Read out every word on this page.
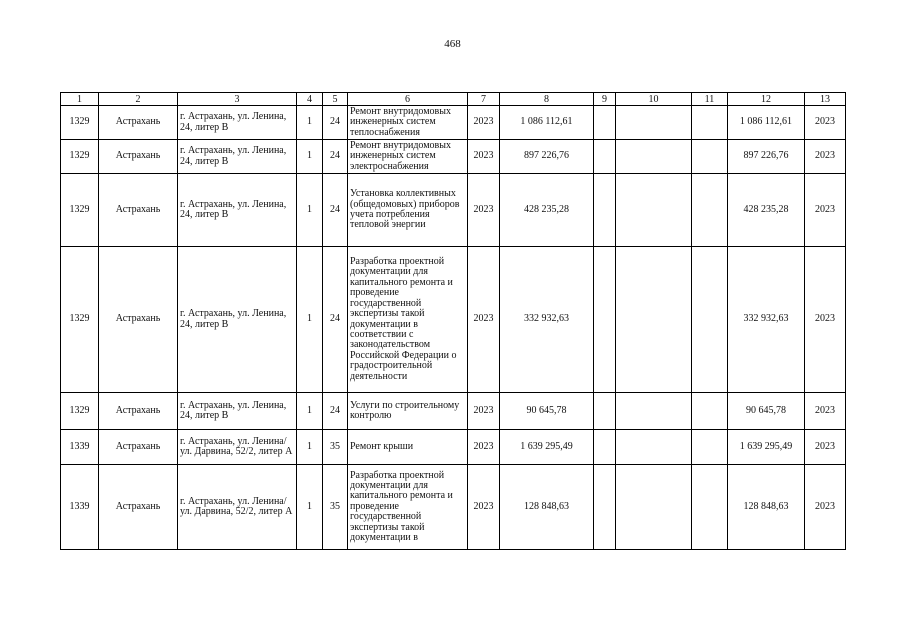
468
1	2	3	4	5	6	7	8	9	10	11	12	13
1329	Астрахань	г. Астрахань, ул. Ленина, 24, литер В	1	24	Ремонт внутридомовых инженерных систем теплоснабжения	2023	1 086 112,61				1 086 112,61	2023
1329	Астрахань	г. Астрахань, ул. Ленина, 24, литер В	1	24	Ремонт внутридомовых инженерных систем электроснабжения	2023	897 226,76				897 226,76	2023
1329	Астрахань	г. Астрахань, ул. Ленина, 24, литер В	1	24	Установка коллективных (общедомовых) приборов учета потребления тепловой энергии	2023	428 235,28				428 235,28	2023
1329	Астрахань	г. Астрахань, ул. Ленина, 24, литер В	1	24	Разработка проектной документации для капитального ремонта и проведение государственной экспертизы такой документации в соответствии с законодательством Российской Федерации о градостроительной деятельности	2023	332 932,63				332 932,63	2023
1329	Астрахань	г. Астрахань, ул. Ленина, 24, литер В	1	24	Услуги по строительному контролю	2023	90 645,78				90 645,78	2023
1339	Астрахань	г. Астрахань, ул. Ленина/ ул. Дарвина, 52/2, литер А	1	35	Ремонт крыши	2023	1 639 295,49				1 639 295,49	2023
1339	Астрахань	г. Астрахань, ул. Ленина/ ул. Дарвина, 52/2, литер А	1	35	Разработка проектной документации для капитального ремонта и проведение государственной экспертизы такой документации в	2023	128 848,63				128 848,63	2023
